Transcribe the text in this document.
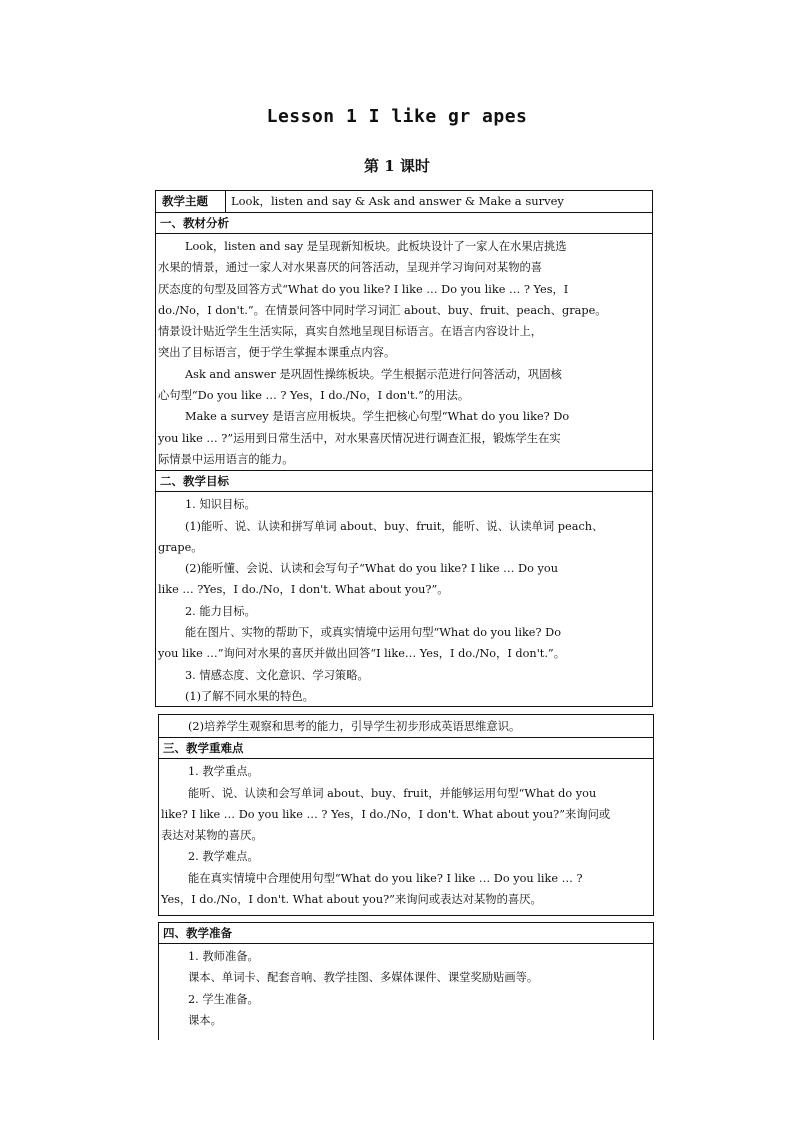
Lesson 1 I like gr apes
第 1 课时
教学主题	Look，listen and say & Ask and answer & Make a survey
一、教材分析

Look，listen and say 是呈现新知板块。此板块设计了一家人在水果店挑选

水果的情景，通过一家人对水果喜厌的问答活动，呈现并学习询问对某物的喜

厌态度的句型及回答方式“What do you like? I like … Do you like … ? Yes，I

do./No，I don't.”。在情景问答中同时学习词汇 about、buy、fruit、peach、grape。

情景设计贴近学生生活实际，真实自然地呈现目标语言。在语言内容设计上，

突出了目标语言，便于学生掌握本课重点内容。

Ask and answer 是巩固性操练板块。学生根据示范进行问答活动，巩固核

心句型“Do you like … ? Yes，I do./No，I don't.”的用法。

Make a survey 是语言应用板块。学生把核心句型“What do you like? Do

you like … ?”运用到日常生活中，对水果喜厌情况进行调查汇报，锻炼学生在实

际情景中运用语言的能力。

二、教学目标

1. 知识目标。

(1)能听、说、认读和拼写单词 about、buy、fruit，能听、说、认读单词 peach、

grape。

(2)能听懂、会说、认读和会写句子“What do you like? I like … Do you

like … ?Yes，I do./No，I don't. What about you?”。

2. 能力目标。

能在图片、实物的帮助下，或真实情境中运用句型“What do you like? Do

you like …”询问对水果的喜厌并做出回答“I like… Yes，I do./No，I don't.”。

3. 情感态度、文化意识、学习策略。

(1)了解不同水果的特色。

(2)培养学生观察和思考的能力，引导学生初步形成英语思维意识。

三、教学重难点

1. 教学重点。

能听、说、认读和会写单词 about、buy、fruit，并能够运用句型“What do you

like? I like … Do you like … ? Yes，I do./No，I don't. What about you?”来询问或

表达对某物的喜厌。

2. 教学难点。

能在真实情境中合理使用句型“What do you like? I like … Do you like … ?

Yes，I do./No，I don't. What about you?”来询问或表达对某物的喜厌。

四、教学准备

1. 教师准备。

课本、单词卡、配套音响、教学挂图、多媒体课件、课堂奖励贴画等。

2. 学生准备。

课本。
